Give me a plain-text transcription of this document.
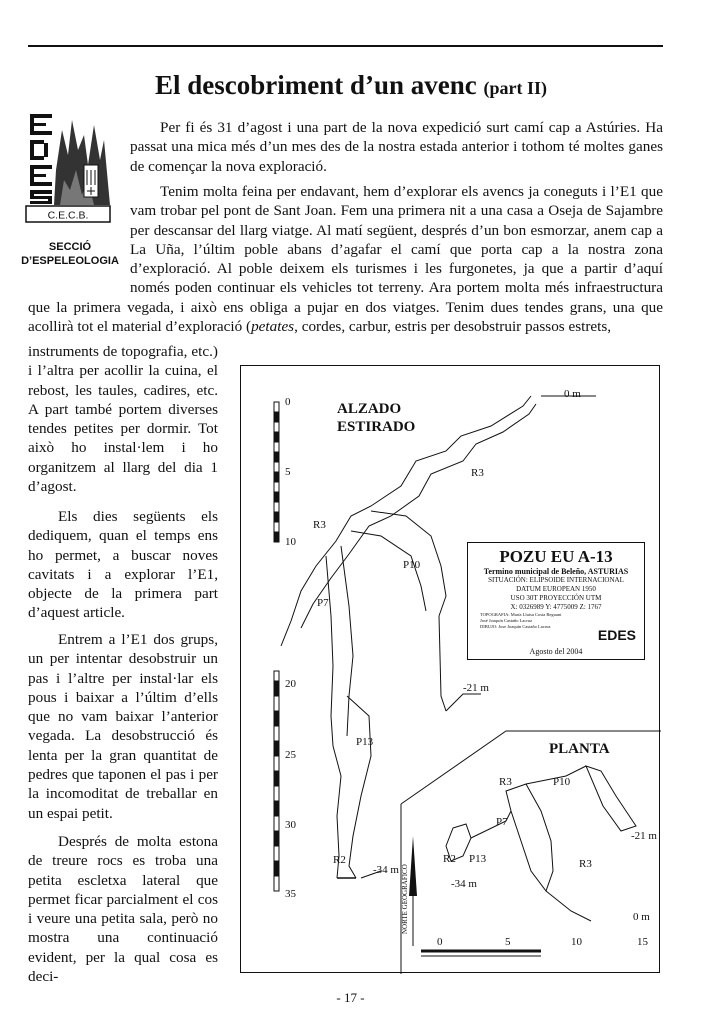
El descobriment d’un avenc (part II)
C.E.C.B.
SECCIÓ
D’ESPELEOLOGIA

Per fi és 31 d’agost i una part de la nova expedició surt camí cap a Astúries. Ha passat una mica més d’un mes des de la nostra estada anterior i tothom té moltes ganes de començar la nova exploració.

Tenim molta feina per endavant, hem d’explorar els avencs ja coneguts i l’E1 que vam trobar pel pont de Sant Joan. Fem una primera nit a una casa a Oseja de Sajambre per descansar del llarg viatge. Al matí següent, després d’un bon esmorzar, anem cap a La Uña, l’últim poble abans d’agafar el camí que porta cap a la nostra zona d’exploració. Al poble deixem els turismes i les furgonetes, ja que a partir d’aquí només poden continuar els vehicles tot terreny. Ara portem molta més infraestructura que la primera vegada, i això ens obliga a pujar en dos viatges. Tenim dues tendes grans, una que acollirà tot el material d’exploració (petates, cordes, carbur, estris per desobstruir passos estrets,

instruments de topografia, etc.) i l’altra per acollir la cuina, el rebost, les taules, cadires, etc. A part també portem diverses tendes petites per dormir. Tot això ho instal·lem i ho organitzem al llarg del dia 1 d’agost.

Els dies següents els dediquem, quan el temps ens ho permet, a buscar noves cavitats i a explorar l’E1, objecte de la primera part d’aquest article.

Entrem a l’E1 dos grups, un per intentar desobstruir un pas i l’altre per instal·lar els pous i baixar a l’últim d’ells que no vam baixar l’anterior vegada. La desobstrucció és lenta per la gran quantitat de pedres que taponen el pas i per la incomoditat de treballar en un espai petit.

Després de molta estona de treure rocs es troba una petita escletxa lateral que permet ficar parcialment el cos i veure una petita sala, però no mostra una continuació evident, per la qual cosa es deci-

ALZADO
ESTIRADO
PLANTA
0
5
10
20
25
30
35
0 m
R3
R3
P10
P7
-21 m
P13
R2
-34 m
R3	P10
P7
-21 m
R2 P13
-34 m
R3
0 m
NORTE GEOGRAFICO
0	5	10	15
POZU EU A-13
Termino municipal de Beleño, ASTURIAS
SITUACIÓN: ELIPSOIDE INTERNACIONAL
DATUM EUROPEAN 1950
USO 30T PROYECCIÓN UTM
X: 0326989 Y: 4775009 Z: 1767
TOPOGRAFIA: María Lluisa Costa Reguant
José Joaquín Castaño Lacruz
DIBUJO: Jose Joaquín Castaño Lacruz
EDES
Agosto del 2004
- 17 -
